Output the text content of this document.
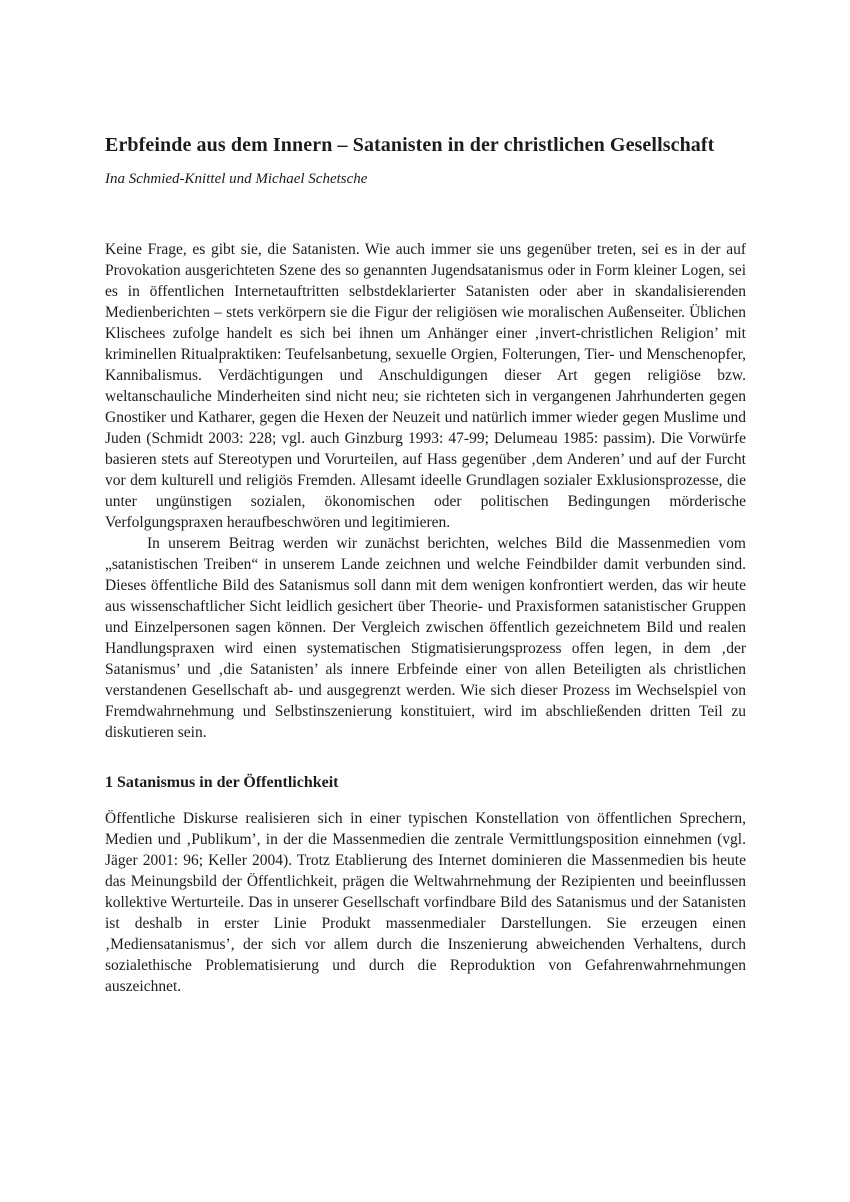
Erbfeinde aus dem Innern – Satanisten in der christlichen Gesellschaft
Ina Schmied-Knittel und Michael Schetsche

Keine Frage, es gibt sie, die Satanisten. Wie auch immer sie uns gegenüber treten, sei es in der auf Provokation ausgerichteten Szene des so genannten Jugendsatanismus oder in Form kleiner Logen, sei es in öffentlichen Internetauftritten selbstdeklarierter Satanisten oder aber in skandalisierenden Medienberichten – stets verkörpern sie die Figur der religiösen wie moralischen Außenseiter. Üblichen Klischees zufolge handelt es sich bei ihnen um Anhänger einer ‚invert-christlichen Religion’ mit kriminellen Ritualpraktiken: Teufelsanbetung, sexuelle Orgien, Folterungen, Tier- und Menschenopfer, Kannibalismus. Verdächtigungen und Anschuldigungen dieser Art gegen religiöse bzw. weltanschauliche Minderheiten sind nicht neu; sie richteten sich in vergangenen Jahrhunderten gegen Gnostiker und Katharer, gegen die Hexen der Neuzeit und natürlich immer wieder gegen Muslime und Juden (Schmidt 2003: 228; vgl. auch Ginzburg 1993: 47-99; Delumeau 1985: passim). Die Vorwürfe basieren stets auf Stereotypen und Vorurteilen, auf Hass gegenüber ‚dem Anderen’ und auf der Furcht vor dem kulturell und religiös Fremden. Allesamt ideelle Grundlagen sozialer Exklusionsprozesse, die unter ungünstigen sozialen, ökonomischen oder politischen Bedingungen mörderische Verfolgungspraxen heraufbeschwören und legitimieren.

In unserem Beitrag werden wir zunächst berichten, welches Bild die Massenmedien vom „satanistischen Treiben“ in unserem Lande zeichnen und welche Feindbilder damit verbunden sind. Dieses öffentliche Bild des Satanismus soll dann mit dem wenigen konfrontiert werden, das wir heute aus wissenschaftlicher Sicht leidlich gesichert über Theorie- und Praxisformen satanistischer Gruppen und Einzelpersonen sagen können. Der Vergleich zwischen öffentlich gezeichnetem Bild und realen Handlungspraxen wird einen systematischen Stigmatisierungsprozess offen legen, in dem ‚der Satanismus’ und ‚die Satanisten’ als innere Erbfeinde einer von allen Beteiligten als christlichen verstandenen Gesellschaft ab- und ausgegrenzt werden. Wie sich dieser Prozess im Wechselspiel von Fremdwahrnehmung und Selbstinszenierung konstituiert, wird im abschließenden dritten Teil zu diskutieren sein.

1 Satanismus in der Öffentlichkeit

Öffentliche Diskurse realisieren sich in einer typischen Konstellation von öffentlichen Sprechern, Medien und ‚Publikum’, in der die Massenmedien die zentrale Vermittlungsposition einnehmen (vgl. Jäger 2001: 96; Keller 2004). Trotz Etablierung des Internet dominieren die Massenmedien bis heute das Meinungsbild der Öffentlichkeit, prägen die Weltwahrnehmung der Rezipienten und beeinflussen kollektive Werturteile. Das in unserer Gesellschaft vorfindbare Bild des Satanismus und der Satanisten ist deshalb in erster Linie Produkt massenmedialer Darstellungen. Sie erzeugen einen ‚Mediensatanismus’, der sich vor allem durch die Inszenierung abweichenden Verhaltens, durch sozialethische Problematisierung und durch die Reproduktion von Gefahrenwahrnehmungen auszeichnet.
